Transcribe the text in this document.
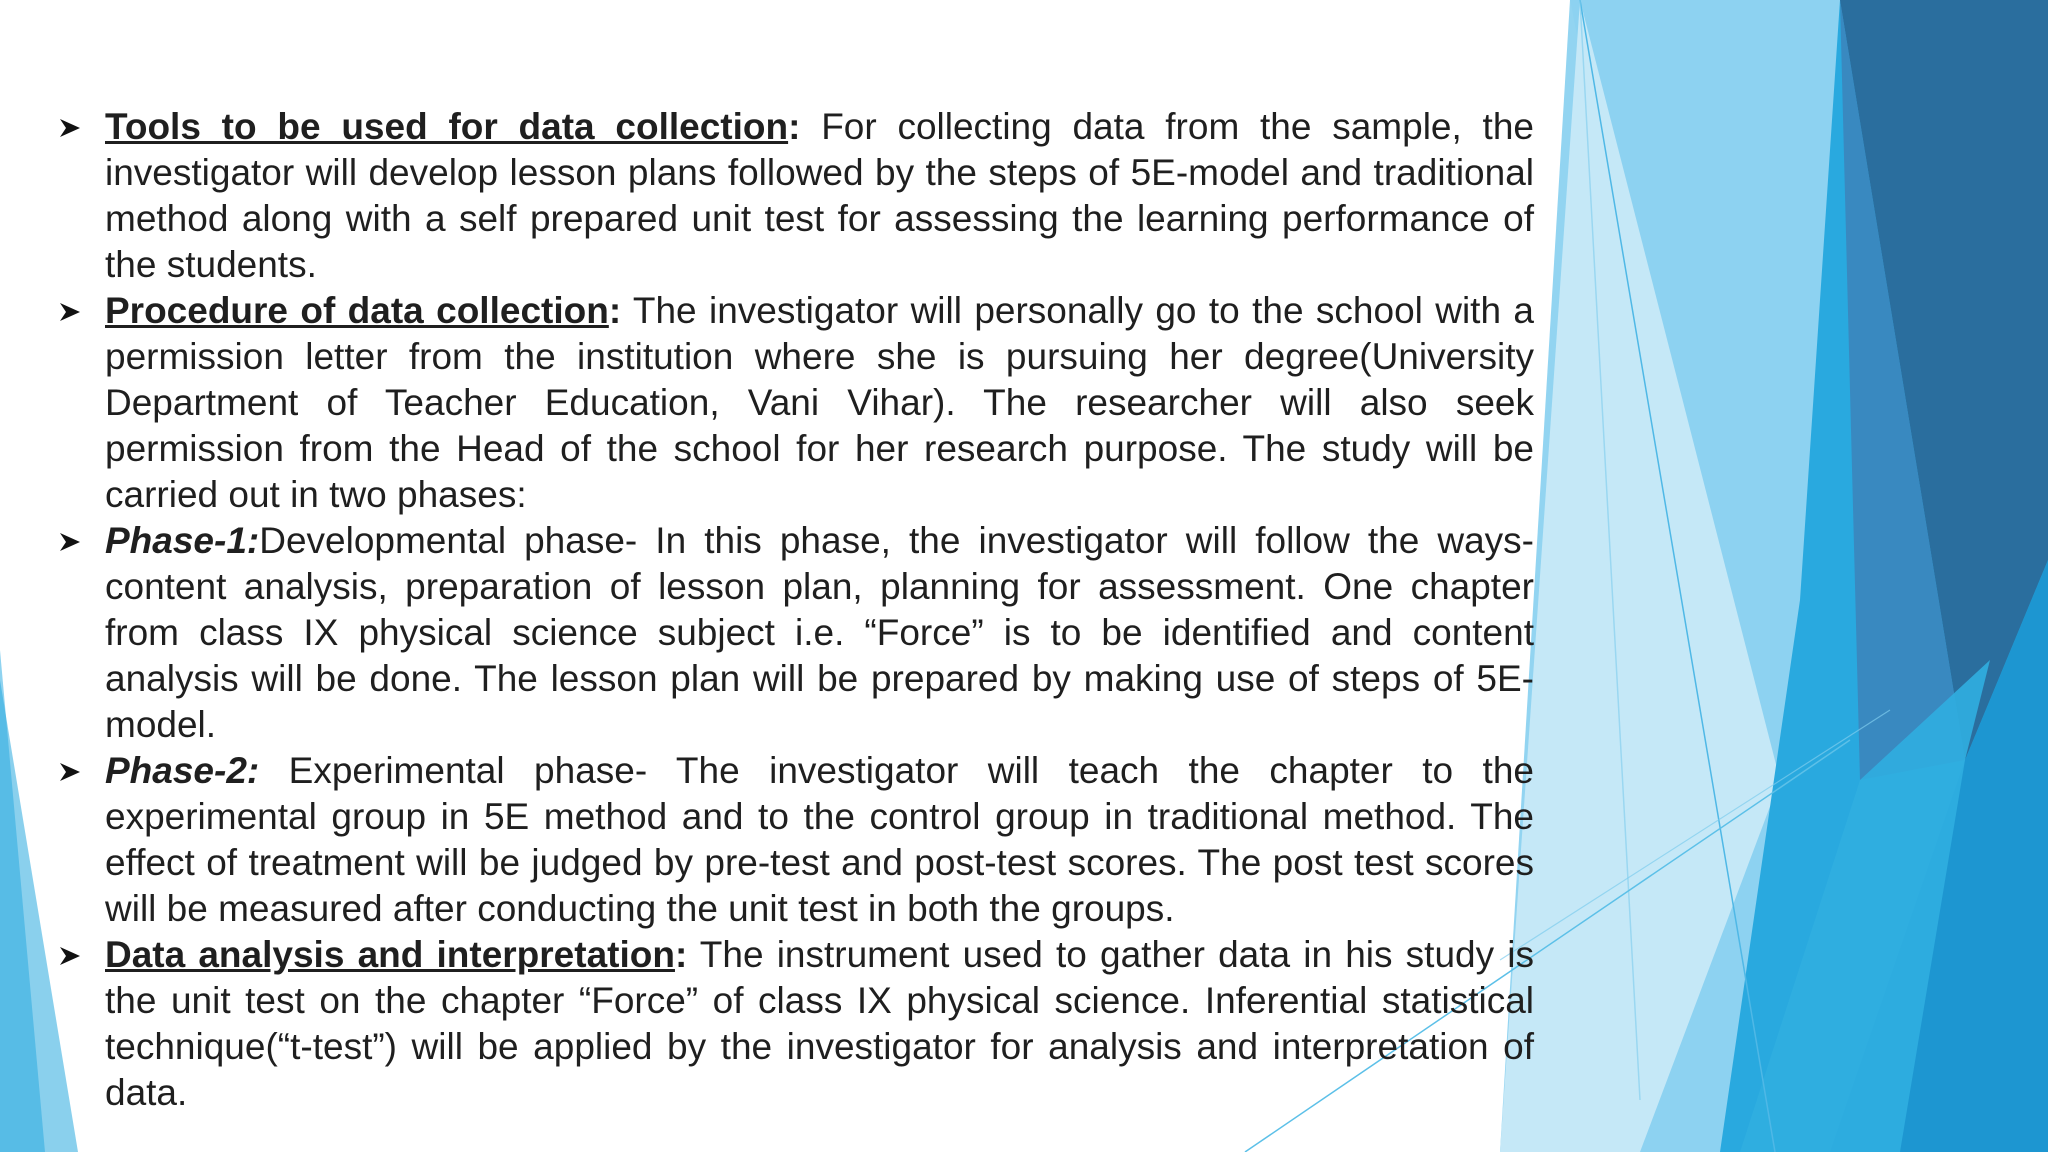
Tools to be used for data collection: For collecting data from the sample, the investigator will develop lesson plans followed by the steps of 5E-model and traditional method along with a self prepared unit test for assessing the learning performance of the students.
Procedure of data collection: The investigator will personally go to the school with a permission letter from the institution where she is pursuing her degree(University Department of Teacher Education, Vani Vihar). The researcher will also seek permission from the Head of the school for her research purpose. The study will be carried out in two phases:
Phase-1:Developmental phase- In this phase, the investigator will follow the ways- content analysis, preparation of lesson plan, planning for assessment. One chapter from class IX physical science subject i.e. “Force” is to be identified and content analysis will be done. The lesson plan will be prepared by making use of steps of 5E-model.
Phase-2: Experimental phase- The investigator will teach the chapter to the experimental group in 5E method and to the control group in traditional method. The effect of treatment will be judged by pre-test and post-test scores. The post test scores will be measured after conducting the unit test in both the groups.
Data analysis and interpretation: The instrument used to gather data in his study is the unit test on the chapter “Force” of class IX physical science. Inferential statistical technique(“t-test”) will be applied by the investigator for analysis and interpretation of data.
